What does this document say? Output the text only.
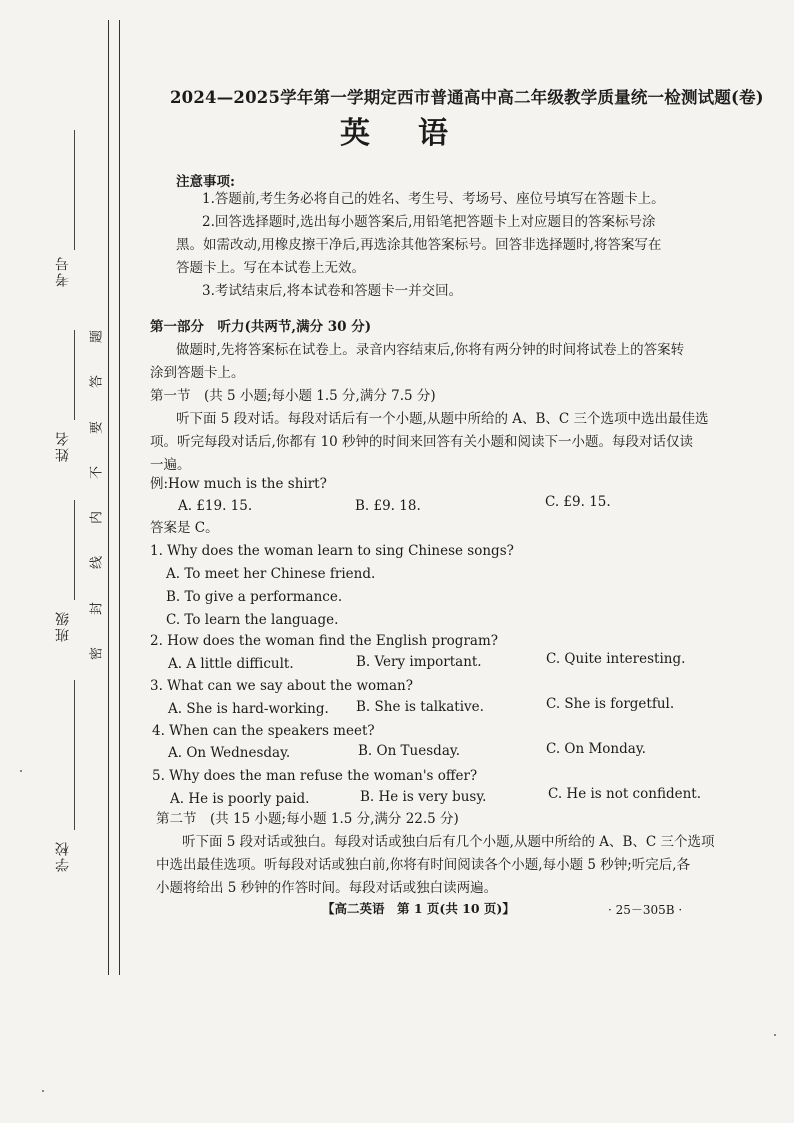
考号
姓名
班级
学校
题
答
要
不
内
线
封
密
2024—2025学年第一学期定西市普通高中高二年级教学质量统一检测试题(卷)
英语
注意事项:
1.答题前,考生务必将自己的姓名、考生号、考场号、座位号填写在答题卡上。
2.回答选择题时,选出每小题答案后,用铅笔把答题卡上对应题目的答案标号涂
黑。如需改动,用橡皮擦干净后,再选涂其他答案标号。回答非选择题时,将答案写在
答题卡上。写在本试卷上无效。
3.考试结束后,将本试卷和答题卡一并交回。
第一部分　听力(共两节,满分 30 分)
做题时,先将答案标在试卷上。录音内容结束后,你将有两分钟的时间将试卷上的答案转
涂到答题卡上。
第一节　(共 5 小题;每小题 1.5 分,满分 7.5 分)
听下面 5 段对话。每段对话后有一个小题,从题中所给的 A、B、C 三个选项中选出最佳选
项。听完每段对话后,你都有 10 秒钟的时间来回答有关小题和阅读下一小题。每段对话仅读
一遍。
例:How much is the shirt?
A. £19. 15.	B. £9. 18.	C. £9. 15.
答案是 C。
1. Why does the woman learn to sing Chinese songs?
A. To meet her Chinese friend.
B. To give a performance.
C. To learn the language.
2. How does the woman find the English program?
A. A little difficult.	B. Very important.	C. Quite interesting.
3. What can we say about the woman?
A. She is hard-working. B. She is talkative.	C. She is forgetful.
4. When can the speakers meet?
A. On Wednesday.	B. On Tuesday.	C. On Monday.
5. Why does the man refuse the woman's offer?
A. He is poorly paid.	B. He is very busy.	C. He is not confident.
第二节　(共 15 小题;每小题 1.5 分,满分 22.5 分)
听下面 5 段对话或独白。每段对话或独白后有几个小题,从题中所给的 A、B、C 三个选项
中选出最佳选项。听每段对话或独白前,你将有时间阅读各个小题,每小题 5 秒钟;听完后,各
小题将给出 5 秒钟的作答时间。每段对话或独白读两遍。
【高二英语　第 1 页(共 10 页)】	· 25－305B ·
